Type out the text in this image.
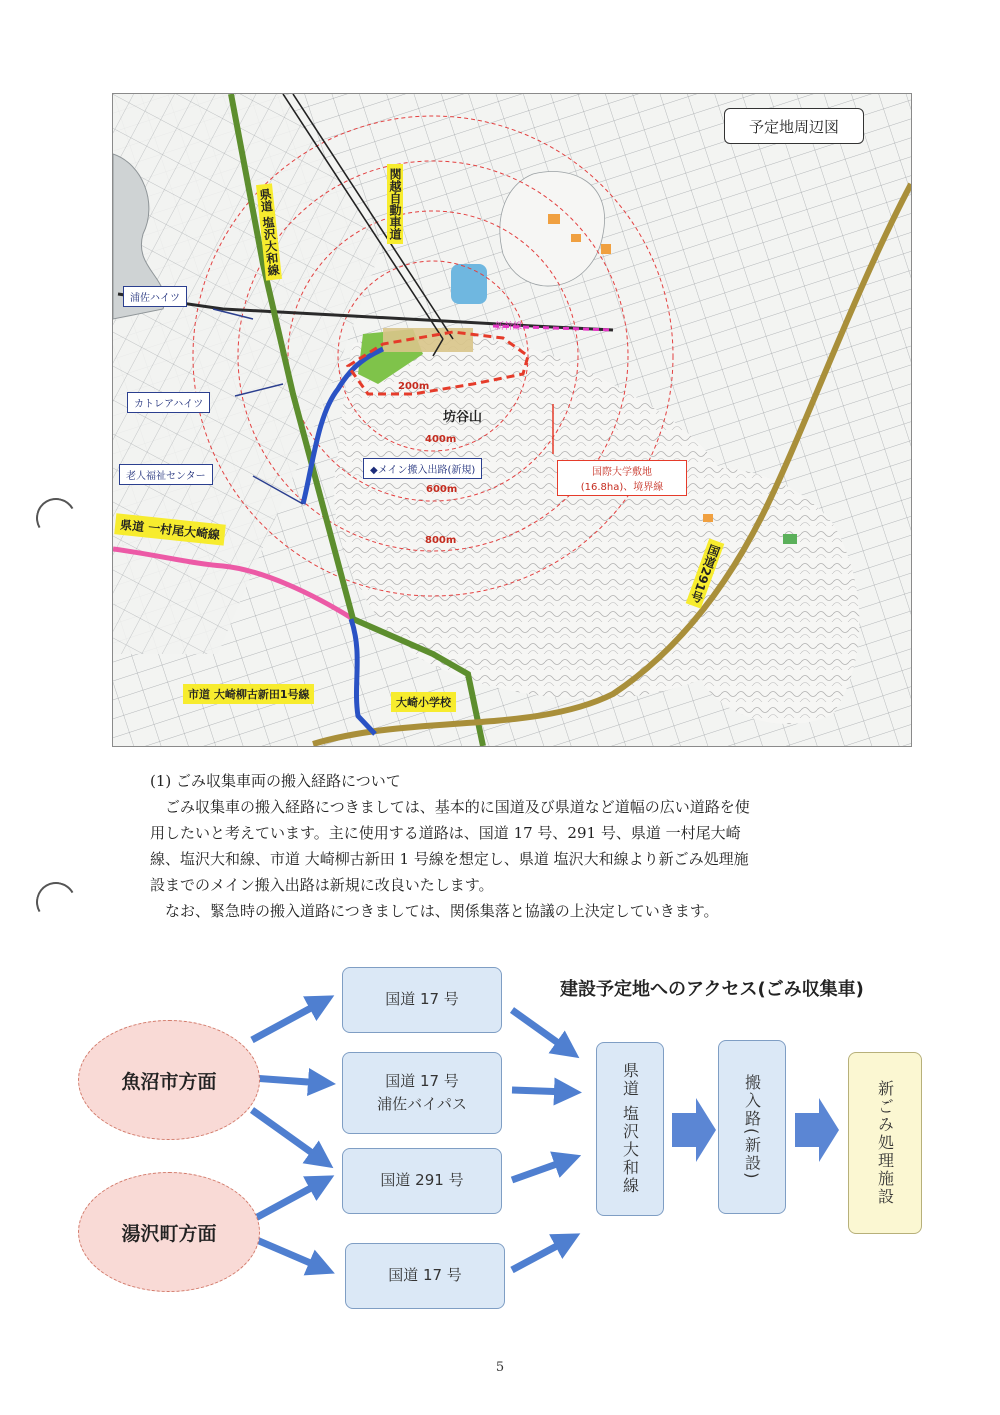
予定地周辺図
浦佐ハイツ
カトレアハイツ
老人福祉センター
◆メイン搬入出路(新規)	国際大学敷地
(16.8ha)、境界線
坊谷山
新幹線
200m
400m
600m
800m
関越自動車道
県道 塩沢大和線
県道 一村尾大崎線
市道 大崎柳古新田1号線
大崎小学校
国道291号

(1) ごみ収集車両の搬入経路について

ごみ収集車の搬入経路につきましては、基本的に国道及び県道など道幅の広い道路を使

用したいと考えています。主に使用する道路は、国道 17 号、291 号、県道 一村尾大崎

線、塩沢大和線、市道 大崎柳古新田 1 号線を想定し、県道 塩沢大和線より新ごみ処理施

設までのメイン搬入出路は新規に改良いたします。

なお、緊急時の搬入道路につきましては、関係集落と協議の上決定していきます。

建設予定地へのアクセス(ごみ収集車)
魚沼市方面
湯沢町方面
国道 17 号
国道 17 号
浦佐バイパス
国道 291 号
国道 17 号
県道 塩沢大和線	搬入路(新設)	新ごみ処理施設
5
